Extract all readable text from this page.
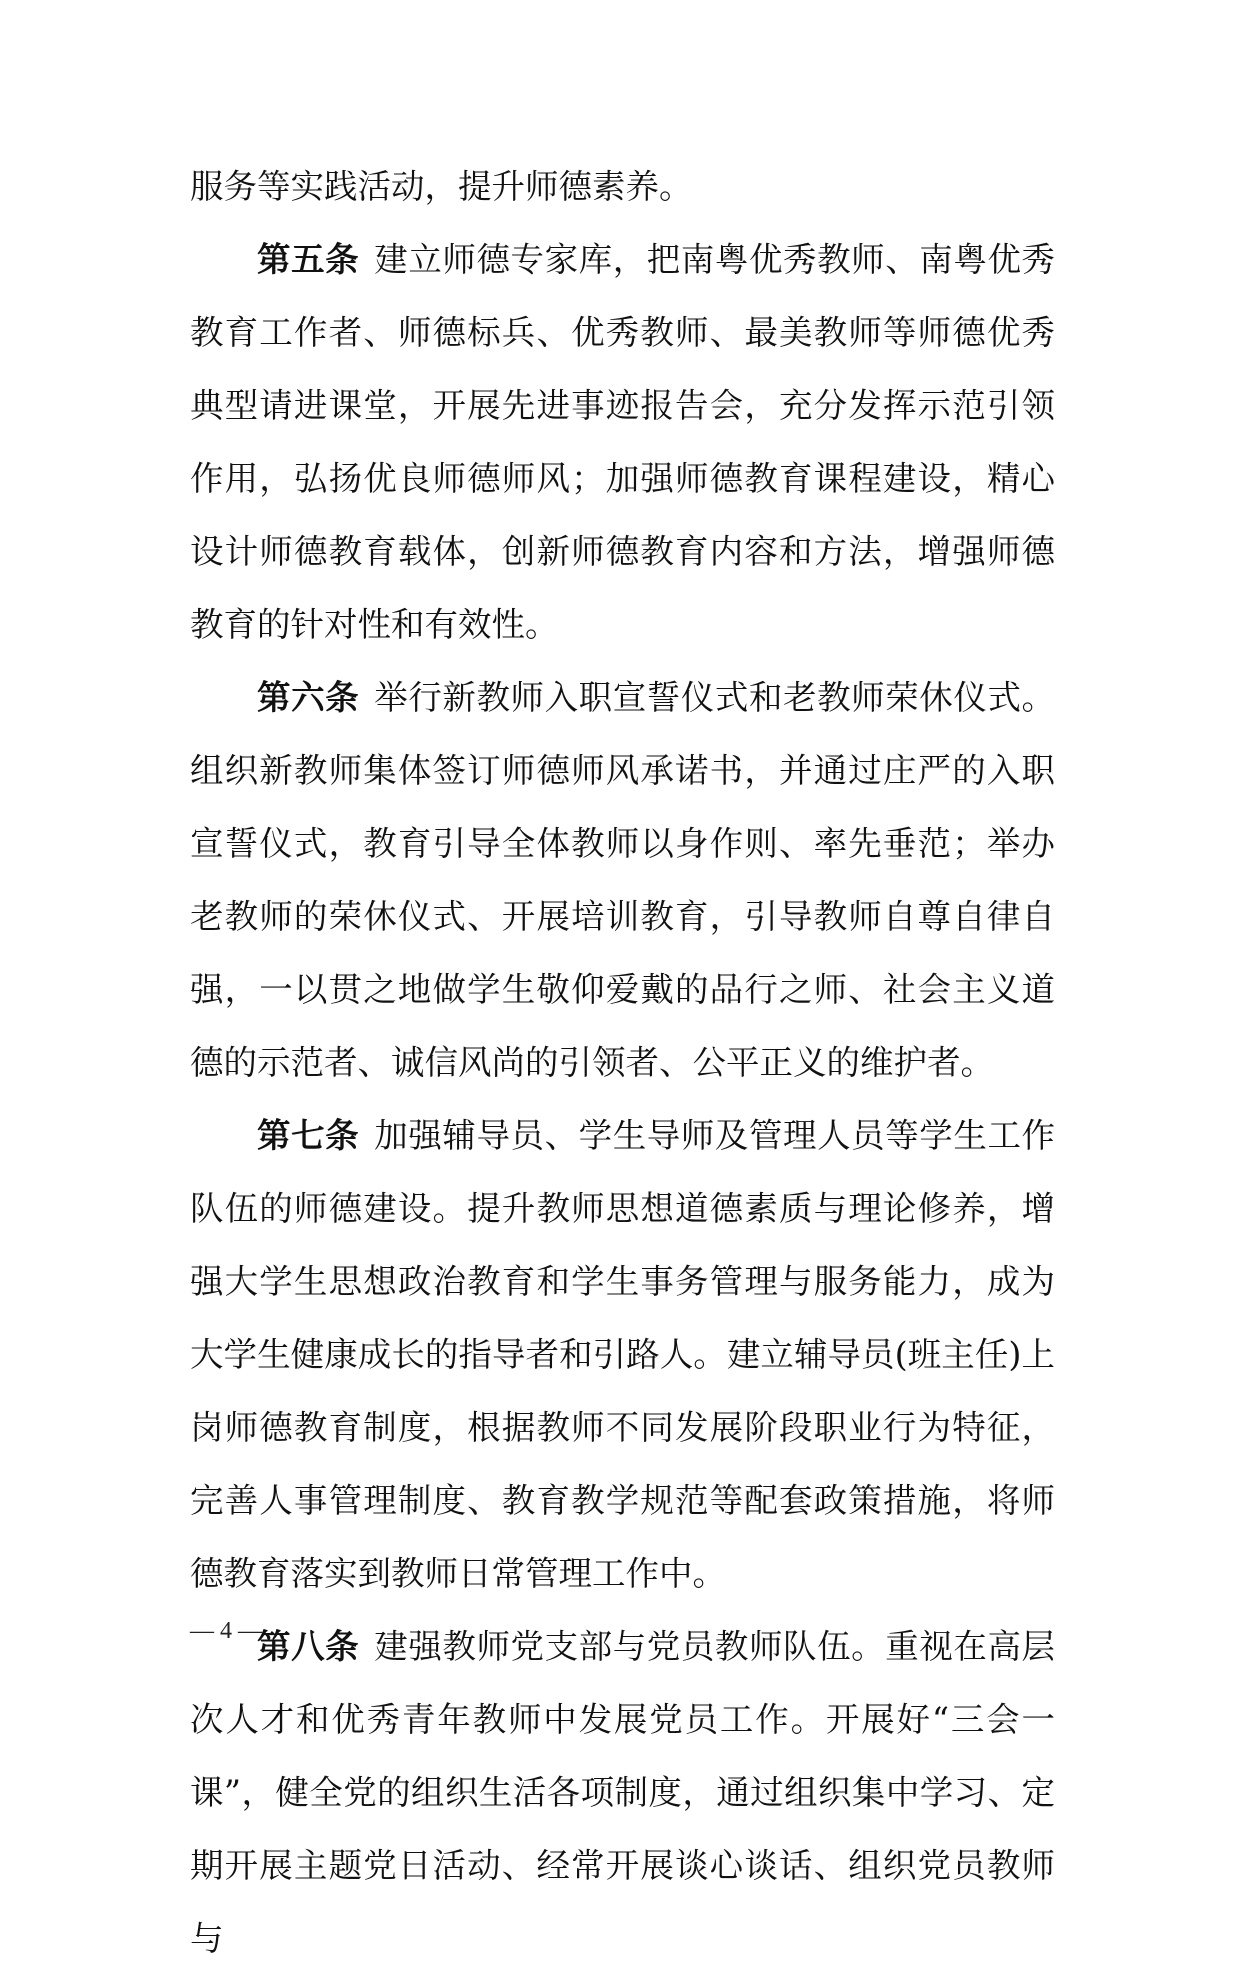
服务等实践活动，提升师德素养。

第五条 建立师德专家库，把南粤优秀教师、南粤优秀教育工作者、师德标兵、优秀教师、最美教师等师德优秀典型请进课堂，开展先进事迹报告会，充分发挥示范引领作用，弘扬优良师德师风；加强师德教育课程建设，精心设计师德教育载体，创新师德教育内容和方法，增强师德教育的针对性和有效性。

第六条 举行新教师入职宣誓仪式和老教师荣休仪式。组织新教师集体签订师德师风承诺书，并通过庄严的入职宣誓仪式，教育引导全体教师以身作则、率先垂范；举办老教师的荣休仪式、开展培训教育，引导教师自尊自律自强，一以贯之地做学生敬仰爱戴的品行之师、社会主义道德的示范者、诚信风尚的引领者、公平正义的维护者。

第七条 加强辅导员、学生导师及管理人员等学生工作队伍的师德建设。提升教师思想道德素质与理论修养，增强大学生思想政治教育和学生事务管理与服务能力，成为大学生健康成长的指导者和引路人。建立辅导员(班主任)上岗师德教育制度，根据教师不同发展阶段职业行为特征，完善人事管理制度、教育教学规范等配套政策措施，将师德教育落实到教师日常管理工作中。

第八条 建强教师党支部与党员教师队伍。重视在高层次人才和优秀青年教师中发展党员工作。开展好“三会一课”，健全党的组织生活各项制度，通过组织集中学习、定期开展主题党日活动、经常开展谈心谈话、组织党员教师与

— 4 —
